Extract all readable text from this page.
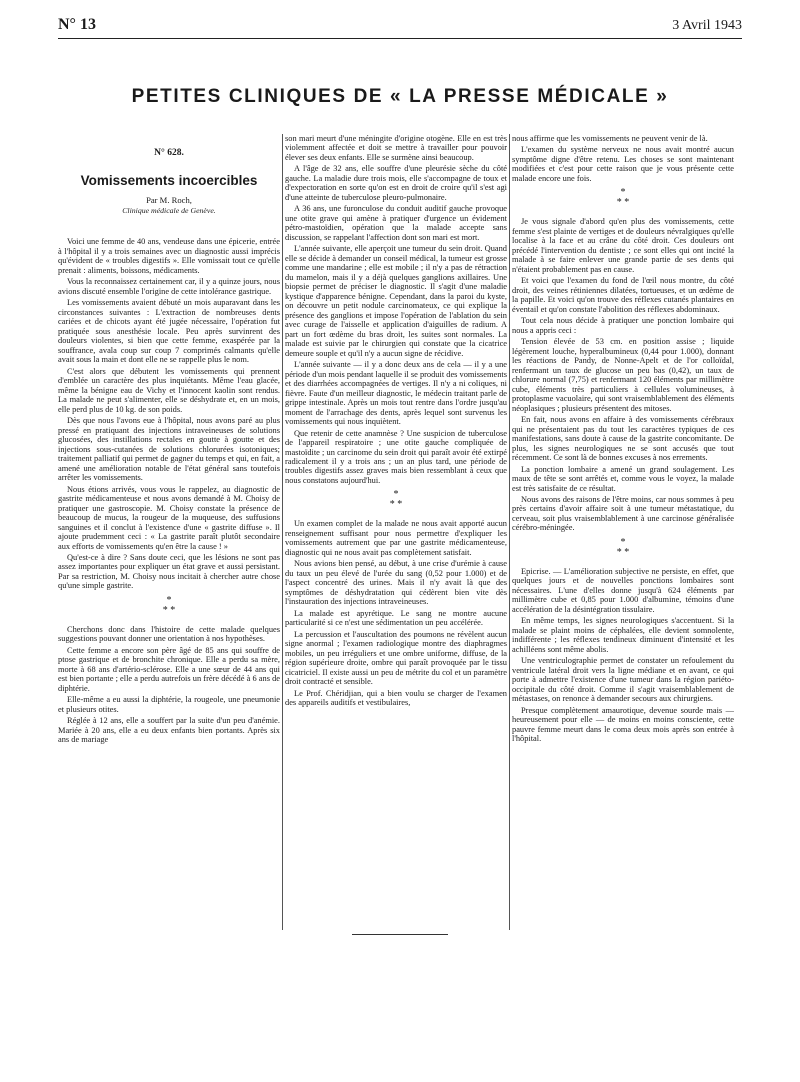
N° 13	3 Avril 1943
PETITES CLINIQUES DE « LA PRESSE MÉDICALE »
N° 628.
Vomissements incoercibles
Par M. Roch,
Clinique médicale de Genève.

Voici une femme de 40 ans, vendeuse dans une épicerie, entrée à l'hôpital il y a trois semaines avec un diagnostic aussi imprécis qu'évident de « troubles digestifs ». Elle vomissait tout ce qu'elle prenait : aliments, boissons, médicaments.

Vous la reconnaissez certainement car, il y a quinze jours, nous avions discuté ensemble l'origine de cette intolérance gastrique.

Les vomissements avaient débuté un mois auparavant dans les circonstances suivantes : L'extraction de nombreuses dents cariées et de chicots ayant été jugée nécessaire, l'opération fut pratiquée sous anesthésie locale. Peu après survinrent des douleurs violentes, si bien que cette femme, exaspérée par la souffrance, avala coup sur coup 7 comprimés calmants qu'elle avait sous la main et dont elle ne se rappelle plus le nom.

C'est alors que débutent les vomissements qui prennent d'emblée un caractère des plus inquiétants. Même l'eau glacée, même la bénigne eau de Vichy et l'innocent kaolin sont rendus. La malade ne peut s'alimenter, elle se déshydrate et, en un mois, elle perd plus de 10 kg. de son poids.

Dès que nous l'avons eue à l'hôpital, nous avons paré au plus pressé en pratiquant des injections intraveineuses de solutions glucosées, des instillations rectales en goutte à goutte et des injections sous-cutanées de solutions chlorurées isotoniques; traitement palliatif qui permet de gagner du temps et qui, en fait, a amené une amélioration notable de l'état général sans toutefois arrêter les vomissements.

Nous étions arrivés, vous vous le rappelez, au diagnostic de gastrite médicamenteuse et nous avons demandé à M. Choisy de pratiquer une gastroscopie. M. Choisy constate la présence de beaucoup de mucus, la rougeur de la muqueuse, des suffusions sanguines et il conclut à l'existence d'une « gastrite diffuse ». Il ajoute prudemment ceci : « La gastrite paraît plutôt secondaire aux efforts de vomissements qu'en être la cause ! »

Qu'est-ce à dire ? Sans doute ceci, que les lésions ne sont pas assez importantes pour expliquer un état grave et aussi persistant. Par sa restriction, M. Choisy nous incitait à chercher autre chose qu'une simple gastrite.

*
* *

Cherchons donc dans l'histoire de cette malade quelques suggestions pouvant donner une orientation à nos hypothèses.

Cette femme a encore son père âgé de 85 ans qui souffre de ptose gastrique et de bronchite chronique. Elle a perdu sa mère, morte à 68 ans d'artério-sclérose. Elle a une sœur de 44 ans qui est bien portante ; elle a perdu autrefois un frère décédé à 6 ans de diphtérie.

Elle-même a eu aussi la diphtérie, la rougeole, une pneumonie et plusieurs otites.

Réglée à 12 ans, elle a souffert par la suite d'un peu d'anémie. Mariée à 20 ans, elle a eu deux enfants bien portants. Après six ans de mariage

son mari meurt d'une méningite d'origine otogène. Elle en est très violemment affectée et doit se mettre à travailler pour pouvoir élever ses deux enfants. Elle se surmène ainsi beaucoup.

A l'âge de 32 ans, elle souffre d'une pleurésie sèche du côté gauche. La maladie dure trois mois, elle s'accompagne de toux et d'expectoration en sorte qu'on est en droit de croire qu'il s'est agi d'une atteinte de tuberculose pleuro-pulmonaire.

A 36 ans, une furonculose du conduit auditif gauche provoque une otite grave qui amène à pratiquer d'urgence un évidement pétro-mastoïdien, opération que la malade accepte sans discussion, se rappelant l'affection dont son mari est mort.

L'année suivante, elle aperçoit une tumeur du sein droit. Quand elle se décide à demander un conseil médical, la tumeur est grosse comme une mandarine ; elle est mobile ; il n'y a pas de rétraction du mamelon, mais il y a déjà quelques ganglions axillaires. Une biopsie permet de préciser le diagnostic. Il s'agit d'une maladie kystique d'apparence bénigne. Cependant, dans la paroi du kyste, on découvre un petit nodule carcinomateux, ce qui explique la présence des ganglions et impose l'opération de l'ablation du sein avec curage de l'aisselle et application d'aiguilles de radium. A part un fort œdème du bras droit, les suites sont normales. La malade est suivie par le chirurgien qui constate que la cicatrice demeure souple et qu'il n'y a aucun signe de récidive.

L'année suivante — il y a donc deux ans de cela — il y a une période d'un mois pendant laquelle il se produit des vomissements et des diarrhées accompagnées de vertiges. Il n'y a ni coliques, ni fièvre. Faute d'un meilleur diagnostic, le médecin traitant parle de grippe intestinale. Après un mois tout rentre dans l'ordre jusqu'au moment de l'arrachage des dents, après lequel sont survenus les vomissements qui nous inquiètent.

Que retenir de cette anamnèse ? Une suspicion de tuberculose de l'appareil respiratoire ; une otite gauche compliquée de mastoïdite ; un carcinome du sein droit qui paraît avoir été extirpé radicalement il y a trois ans ; un an plus tard, une période de troubles digestifs assez graves mais bien ressemblant à ceux que nous constatons aujourd'hui.

*
* *

Un examen complet de la malade ne nous avait apporté aucun renseignement suffisant pour nous permettre d'expliquer les vomissements autrement que par une gastrite médicamenteuse, diagnostic qui ne nous avait pas complètement satisfait.

Nous avions bien pensé, au début, à une crise d'urémie à cause du taux un peu élevé de l'urée du sang (0,52 pour 1.000) et de l'aspect concentré des urines. Mais il n'y avait là que des symptômes de déshydratation qui cédèrent bien vite dès l'instauration des injections intraveineuses.

La malade est apyrétique. Le sang ne montre aucune particularité si ce n'est une sédimentation un peu accélérée.

La percussion et l'auscultation des poumons ne révèlent aucun signe anormal ; l'examen radiologique montre des diaphragmes mobiles, un peu irréguliers et une ombre uniforme, diffuse, de la région supérieure droite, ombre qui paraît provoquée par le tissu cicatriciel. Il existe aussi un peu de métrite du col et un paramètre droit contracté et sensible.

Le Prof. Chéridjian, qui a bien voulu se charger de l'examen des appareils auditifs et vestibulaires,

nous affirme que les vomissements ne peuvent venir de là.

L'examen du système nerveux ne nous avait montré aucun symptôme digne d'être retenu. Les choses se sont maintenant modifiées et c'est pour cette raison que je vous présente cette malade encore une fois.

*
* *

Je vous signale d'abord qu'en plus des vomissements, cette femme s'est plainte de vertiges et de douleurs névralgiques qu'elle localise à la face et au crâne du côté droit. Ces douleurs ont précédé l'intervention du dentiste ; ce sont elles qui ont incité la malade à se faire enlever une grande partie de ses dents qui n'étaient probablement pas en cause.

Et voici que l'examen du fond de l'œil nous montre, du côté droit, des veines rétiniennes dilatées, tortueuses, et un œdème de la papille. Et voici qu'on trouve des réflexes cutanés plantaires en éventail et qu'on constate l'abolition des réflexes abdominaux.

Tout cela nous décide à pratiquer une ponction lombaire qui nous a appris ceci :

Tension élevée de 53 cm. en position assise ; liquide légèrement louche, hyperalbumineux (0,44 pour 1.000), donnant les réactions de Pandy, de Nonne-Apelt et de l'or colloïdal, renfermant un taux de glucose un peu bas (0,42), un taux de chlorure normal (7,75) et renfermant 120 éléments par millimètre cube, éléments très particuliers à cellules volumineuses, à protoplasme vacuolaire, qui sont vraisemblablement des éléments néoplasiques ; plusieurs présentent des mitoses.

En fait, nous avons en affaire à des vomissements cérébraux qui ne présentaient pas du tout les caractères typiques de ces manifestations, sans doute à cause de la gastrite concomitante. De plus, les signes neurologiques ne se sont accusés que tout récemment. Ce sont là de bonnes excuses à nos errements.

La ponction lombaire a amené un grand soulagement. Les maux de tête se sont arrêtés et, comme vous le voyez, la malade est très satisfaite de ce résultat.

Nous avons des raisons de l'être moins, car nous sommes à peu près certains d'avoir affaire soit à une tumeur métastatique, du cerveau, soit plus vraisemblablement à une carcinose généralisée cérébro-méningée.

*
* *

Epicrise. — L'amélioration subjective ne persiste, en effet, que quelques jours et de nouvelles ponctions lombaires sont nécessaires. L'une d'elles donne jusqu'à 624 éléments par millimètre cube et 0,85 pour 1.000 d'albumine, témoins d'une accélération de la désintégration tissulaire.

En même temps, les signes neurologiques s'accentuent. Si la malade se plaint moins de céphalées, elle devient somnolente, indifférente ; les réflexes tendineux diminuent d'intensité et les achilléens sont même abolis.

Une ventriculographie permet de constater un refoulement du ventricule latéral droit vers la ligne médiane et en avant, ce qui porte à admettre l'existence d'une tumeur dans la région pariéto-occipitale du côté droit. Comme il s'agit vraisemblablement de métastases, on renonce à demander secours aux chirurgiens.

Presque complètement amaurotique, devenue sourde mais — heureusement pour elle — de moins en moins consciente, cette pauvre femme meurt dans le coma deux mois après son entrée à l'hôpital.
